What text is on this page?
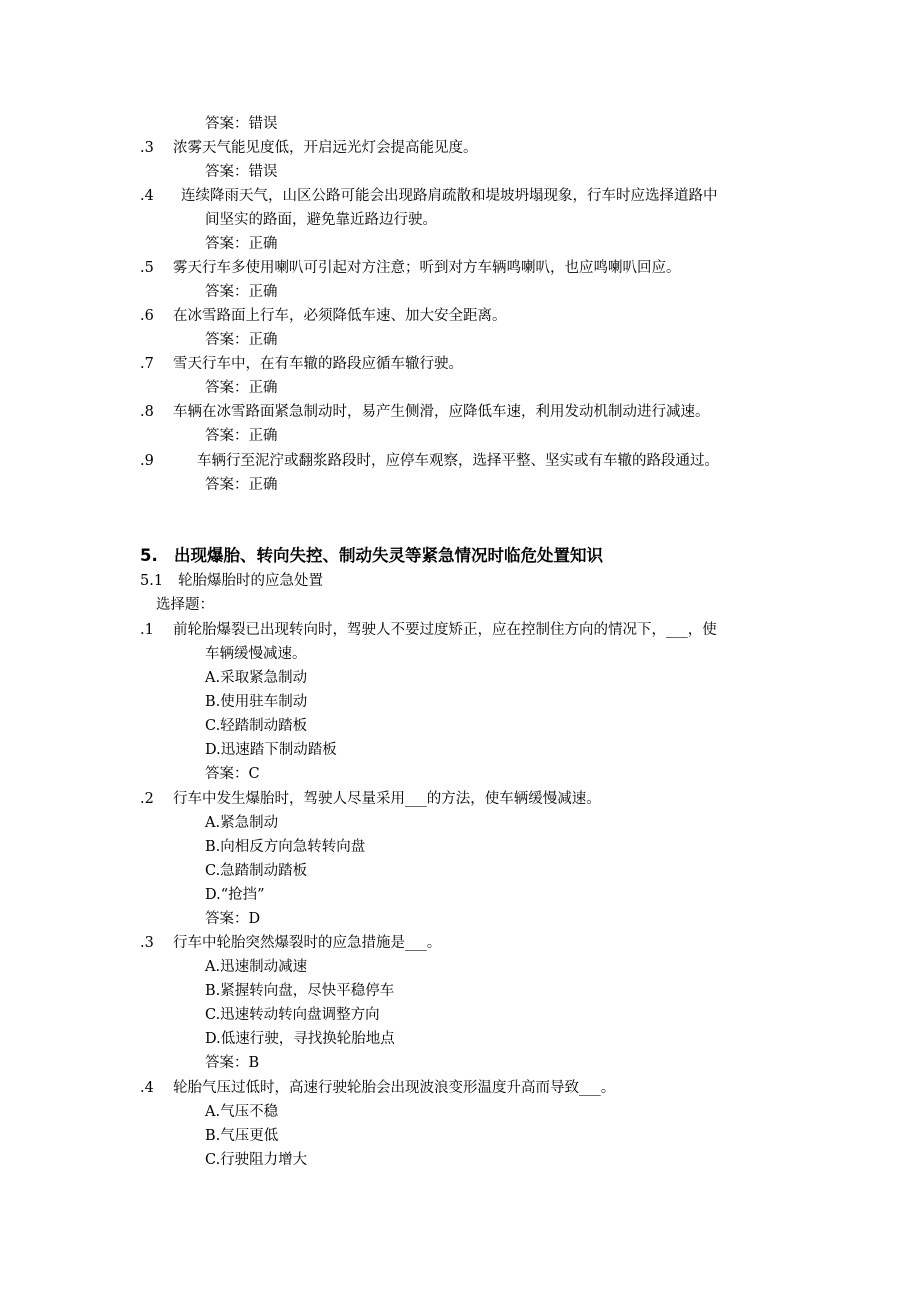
答案：错误
.3 浓雾天气能见度低，开启远光灯会提高能见度。
答案：错误
.4 连续降雨天气，山区公路可能会出现路肩疏散和堤坡坍塌现象，行车时应选择道路中
间坚实的路面，避免靠近路边行驶。
答案：正确
.5 雾天行车多使用喇叭可引起对方注意；听到对方车辆鸣喇叭，也应鸣喇叭回应。
答案：正确
.6 在冰雪路面上行车，必须降低车速、加大安全距离。
答案：正确
.7 雪天行车中，在有车辙的路段应循车辙行驶。
答案：正确
.8 车辆在冰雪路面紧急制动时，易产生侧滑，应降低车速，利用发动机制动进行减速。
答案：正确
.9	车辆行至泥泞或翻浆路段时，应停车观察，选择平整、坚实或有车辙的路段通过。
答案：正确
5. 出现爆胎、转向失控、制动失灵等紧急情况时临危处置知识
5.1 轮胎爆胎时的应急处置
选择题：
.1 前轮胎爆裂已出现转向时，驾驶人不要过度矫正，应在控制住方向的情况下，___，使
车辆缓慢减速。
A.采取紧急制动
B.使用驻车制动
C.轻踏制动踏板
D.迅速踏下制动踏板
答案：C
.2 行车中发生爆胎时，驾驶人尽量采用___的方法，使车辆缓慢减速。
A.紧急制动
B.向相反方向急转转向盘
C.急踏制动踏板
D.“抢挡”
答案：D
.3 行车中轮胎突然爆裂时的应急措施是___。
A.迅速制动减速
B.紧握转向盘，尽快平稳停车
C.迅速转动转向盘调整方向
D.低速行驶，寻找换轮胎地点
答案：B
.4 轮胎气压过低时，高速行驶轮胎会出现波浪变形温度升高而导致___。
A.气压不稳
B.气压更低
C.行驶阻力增大
